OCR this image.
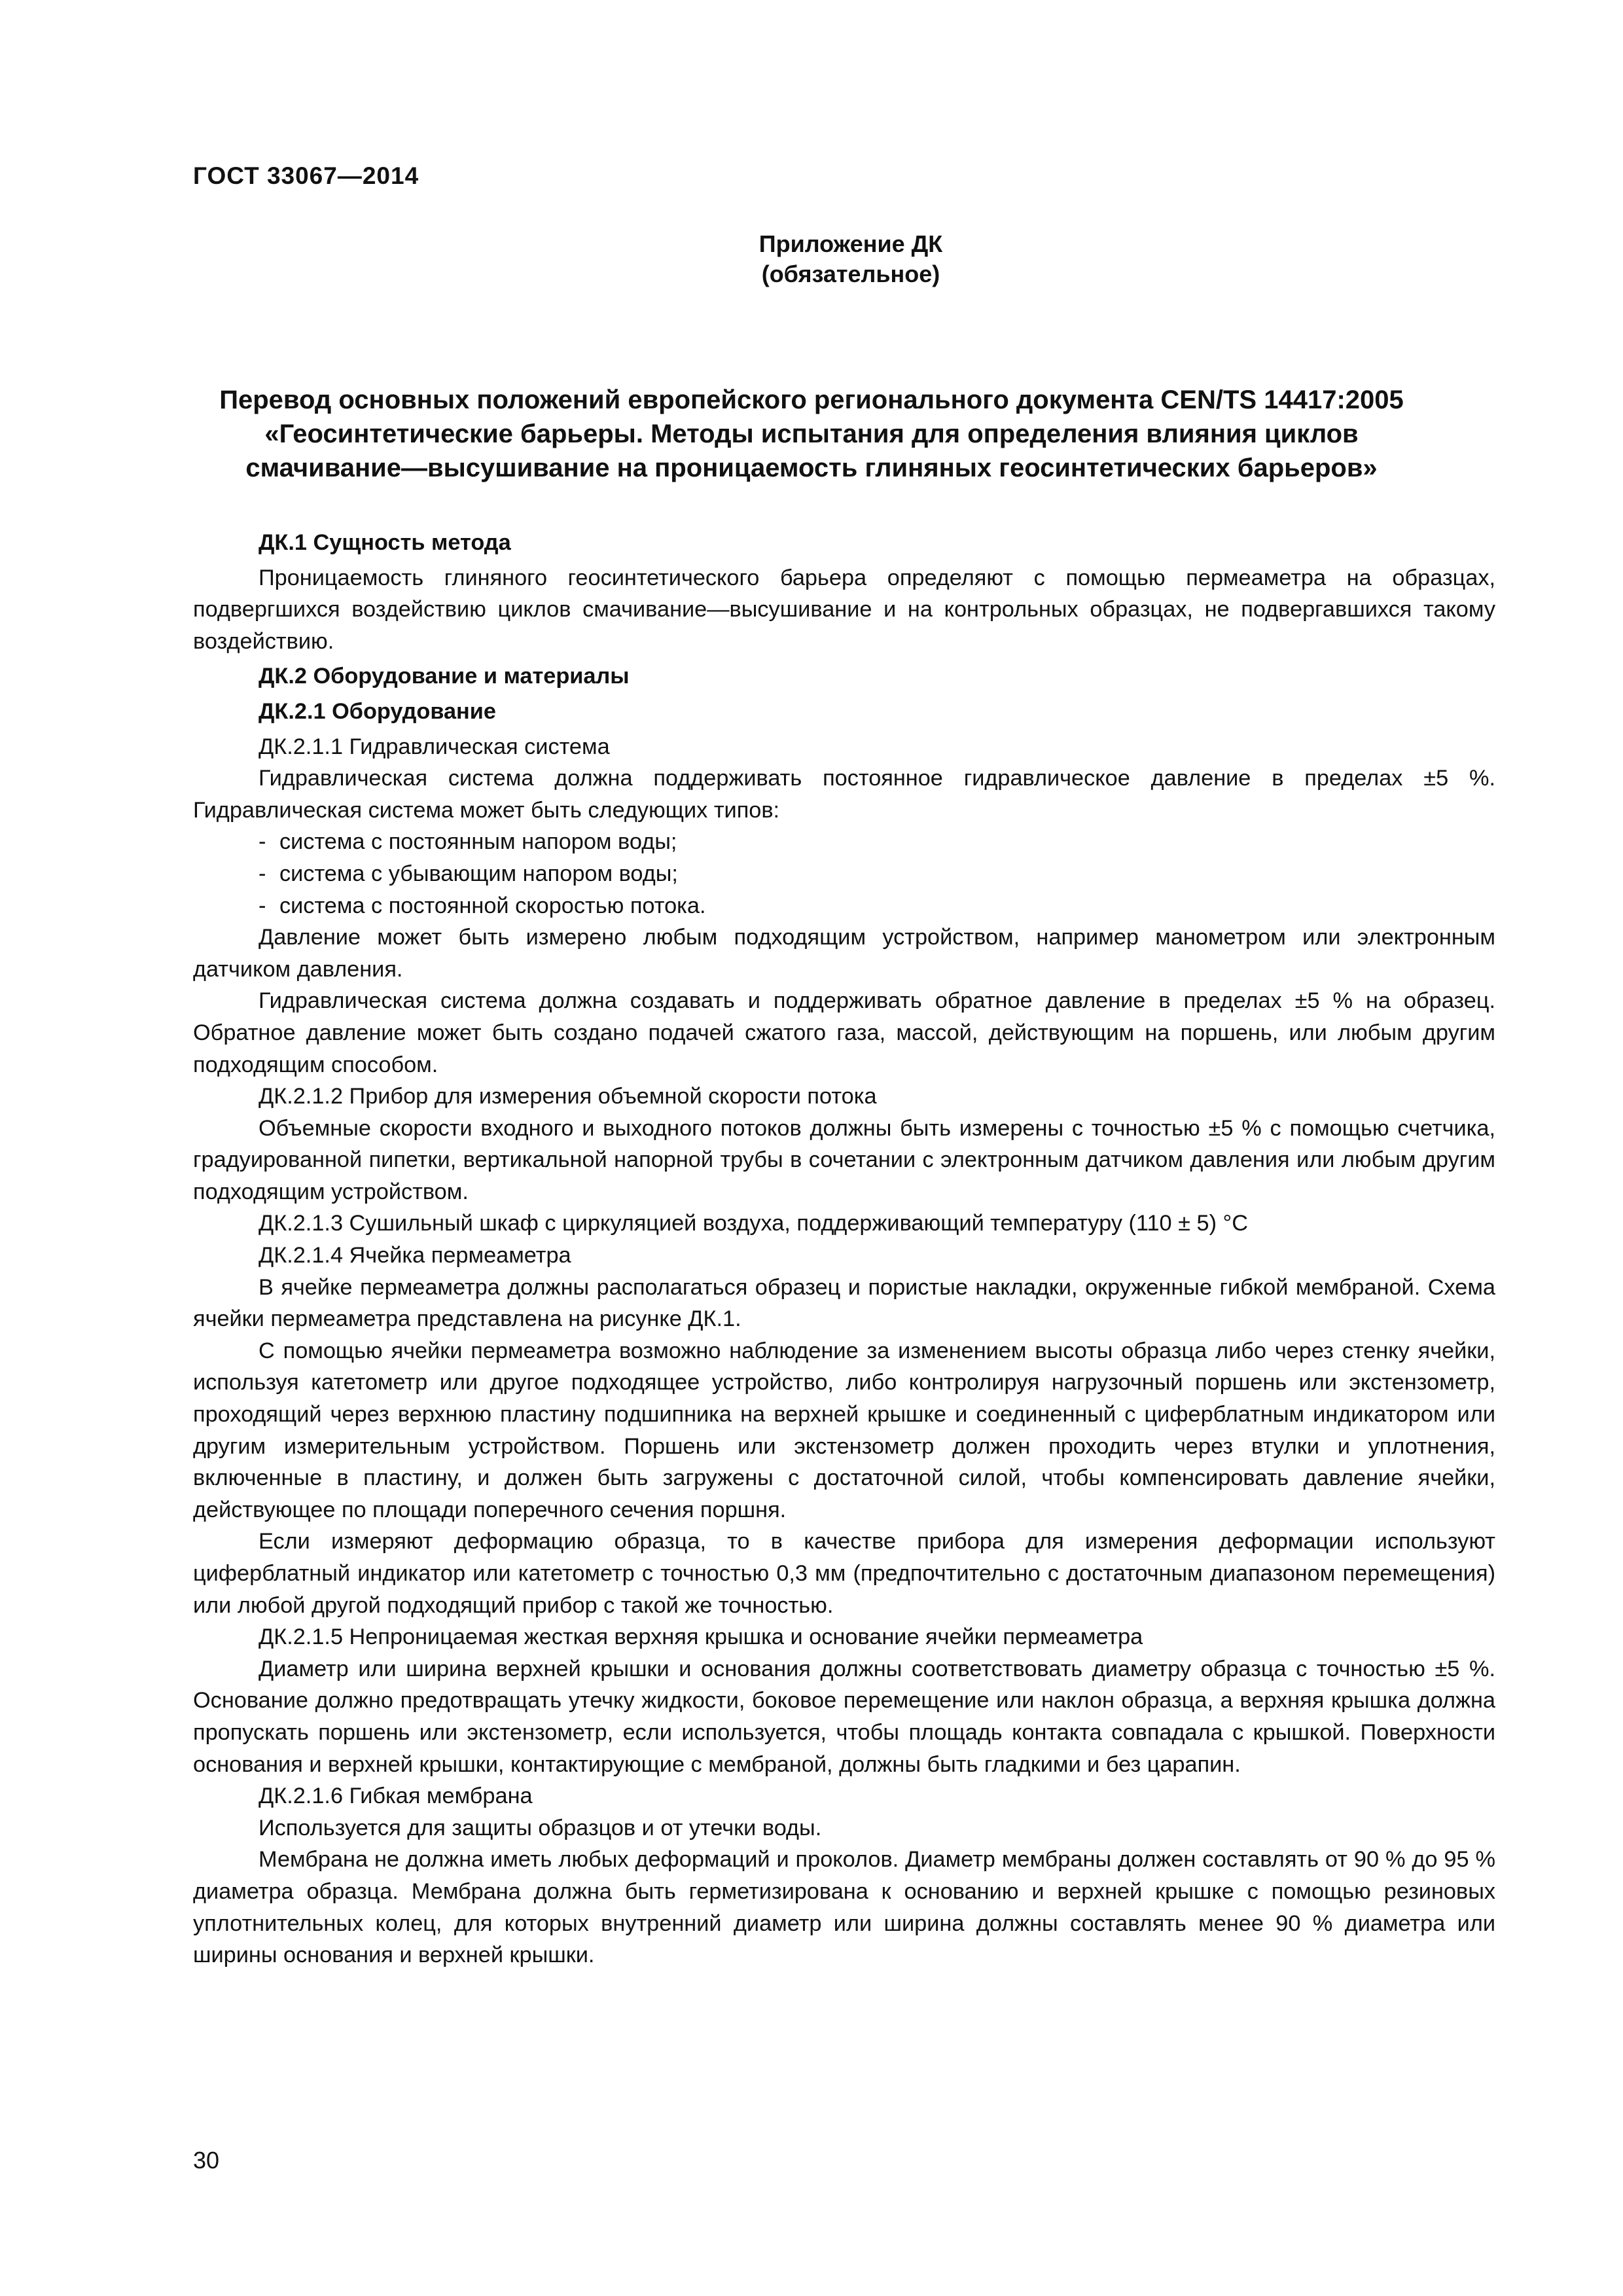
ГОСТ 33067—2014
Приложение ДК
(обязательное)
Перевод основных положений европейского регионального документа CEN/TS 14417:2005
«Геосинтетические барьеры. Методы испытания для определения влияния циклов
смачивание—высушивание на проницаемость глиняных геосинтетических барьеров»

ДК.1 Сущность метода

Проницаемость глиняного геосинтетического барьера определяют с помощью пермеаметра на образцах, подвергшихся воздействию циклов смачивание—высушивание и на контрольных образцах, не подвергавшихся такому воздействию.

ДК.2 Оборудование и материалы

ДК.2.1 Оборудование

ДК.2.1.1 Гидравлическая система

Гидравлическая система должна поддерживать постоянное гидравлическое давление в пределах ±5 %. Гидравлическая система может быть следующих типов:

- система с постоянным напором воды;

- система с убывающим напором воды;

- система с постоянной скоростью потока.

Давление может быть измерено любым подходящим устройством, например манометром или электронным датчиком давления.

Гидравлическая система должна создавать и поддерживать обратное давление в пределах ±5 % на образец. Обратное давление может быть создано подачей сжатого газа, массой, действующим на поршень, или любым другим подходящим способом.

ДК.2.1.2 Прибор для измерения объемной скорости потока

Объемные скорости входного и выходного потоков должны быть измерены с точностью ±5 % с помощью счетчика, градуированной пипетки, вертикальной напорной трубы в сочетании с электронным датчиком давления или любым другим подходящим устройством.

ДК.2.1.3 Сушильный шкаф с циркуляцией воздуха, поддерживающий температуру (110 ± 5) °С

ДК.2.1.4 Ячейка пермеаметра

В ячейке пермеаметра должны располагаться образец и пористые накладки, окруженные гибкой мембраной. Схема ячейки пермеаметра представлена на рисунке ДК.1.

С помощью ячейки пермеаметра возможно наблюдение за изменением высоты образца либо через стенку ячейки, используя катетометр или другое подходящее устройство, либо контролируя нагрузочный поршень или экстензометр, проходящий через верхнюю пластину подшипника на верхней крышке и соединенный с циферблатным индикатором или другим измерительным устройством. Поршень или экстензометр должен проходить через втулки и уплотнения, включенные в пластину, и должен быть загружены с достаточной силой, чтобы компенсировать давление ячейки, действующее по площади поперечного сечения поршня.

Если измеряют деформацию образца, то в качестве прибора для измерения деформации используют циферблатный индикатор или катетометр с точностью 0,3 мм (предпочтительно с достаточным диапазоном перемещения) или любой другой подходящий прибор с такой же точностью.

ДК.2.1.5 Непроницаемая жесткая верхняя крышка и основание ячейки пермеаметра

Диаметр или ширина верхней крышки и основания должны соответствовать диаметру образца с точностью ±5 %. Основание должно предотвращать утечку жидкости, боковое перемещение или наклон образца, а верхняя крышка должна пропускать поршень или экстензометр, если используется, чтобы площадь контакта совпадала с крышкой. Поверхности основания и верхней крышки, контактирующие с мембраной, должны быть гладкими и без царапин.

ДК.2.1.6 Гибкая мембрана

Используется для защиты образцов и от утечки воды.

Мембрана не должна иметь любых деформаций и проколов. Диаметр мембраны должен составлять от 90 % до 95 % диаметра образца. Мембрана должна быть герметизирована к основанию и верхней крышке с помощью резиновых уплотнительных колец, для которых внутренний диаметр или ширина должны составлять менее 90 % диаметра или ширины основания и верхней крышки.

30
